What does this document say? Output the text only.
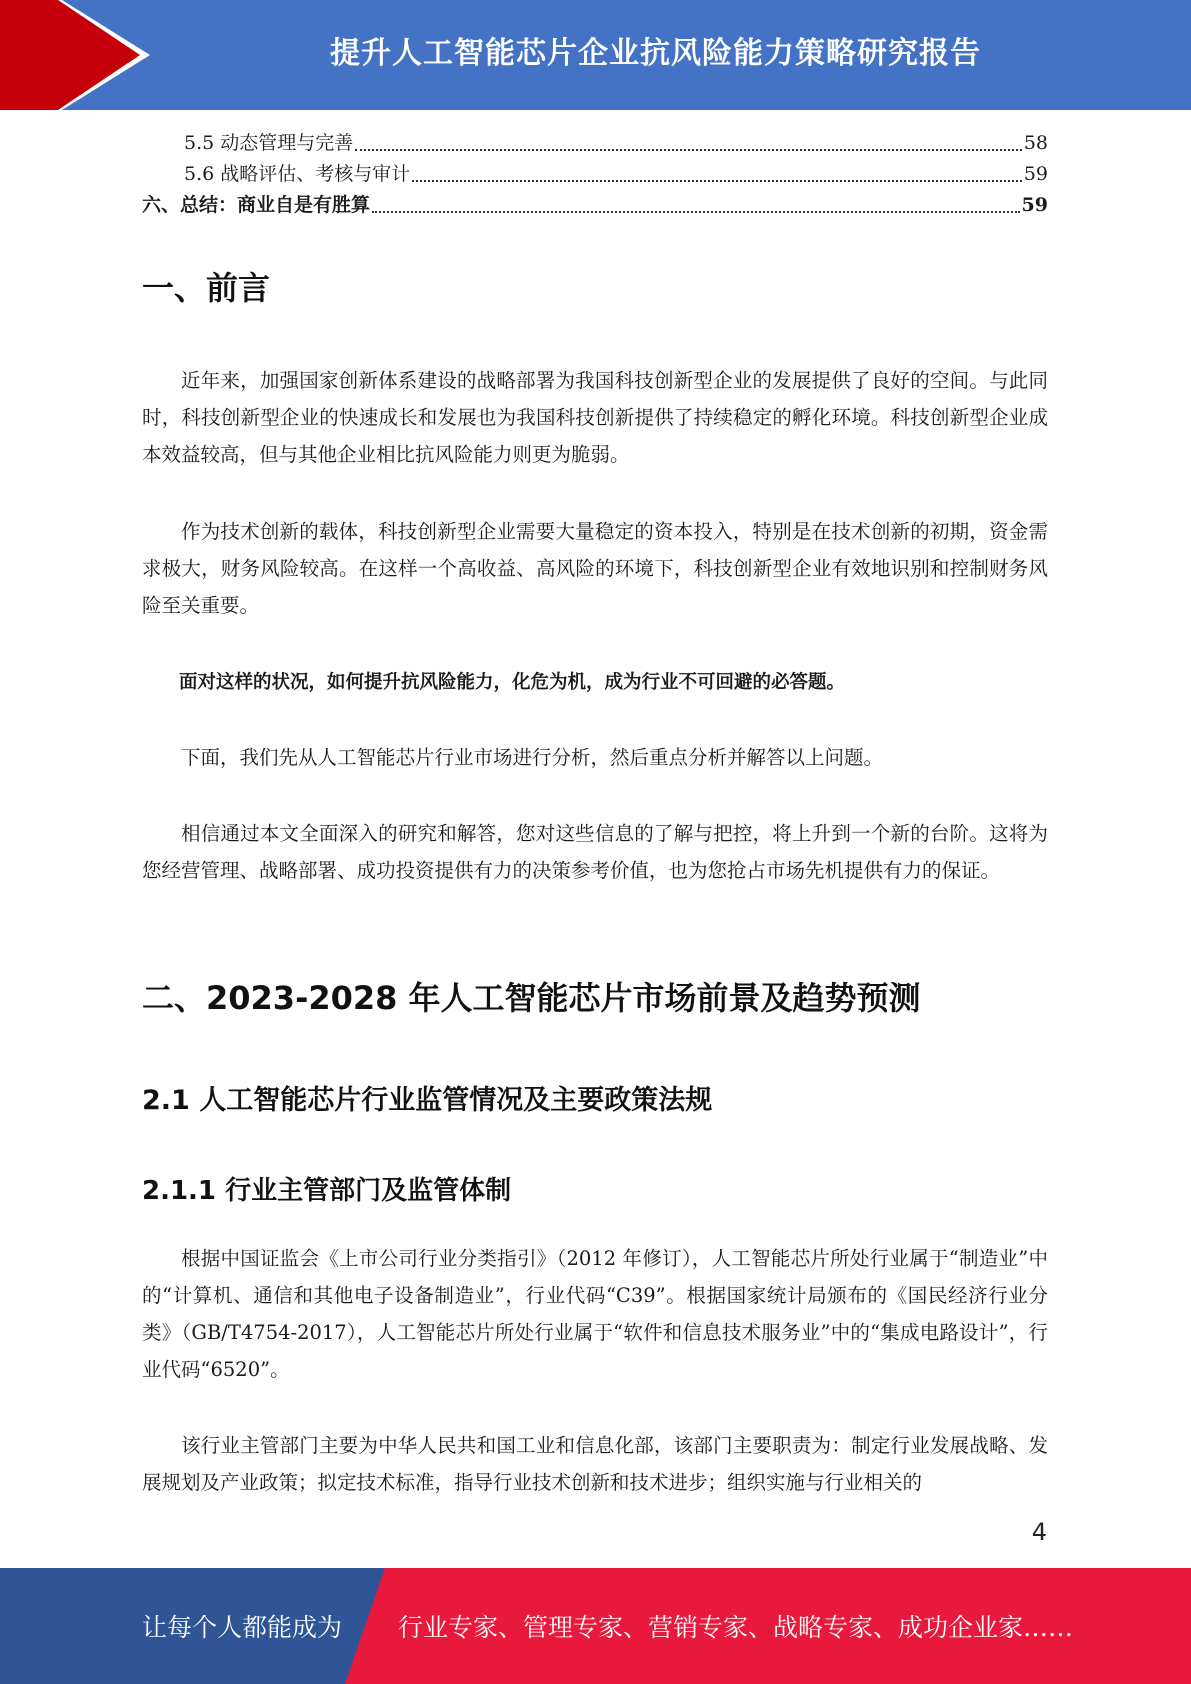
提升人工智能芯片企业抗风险能力策略研究报告
5.5 动态管理与完善	58
5.6 战略评估、考核与审计	59
六、总结：商业自是有胜算	59
一、前言

近年来，加强国家创新体系建设的战略部署为我国科技创新型企业的发展提供了良好的空间。与此同时，科技创新型企业的快速成长和发展也为我国科技创新提供了持续稳定的孵化环境。科技创新型企业成本效益较高，但与其他企业相比抗风险能力则更为脆弱。

作为技术创新的载体，科技创新型企业需要大量稳定的资本投入，特别是在技术创新的初期，资金需求极大，财务风险较高。在这样一个高收益、高风险的环境下，科技创新型企业有效地识别和控制财务风险至关重要。

面对这样的状况，如何提升抗风险能力，化危为机，成为行业不可回避的必答题。

下面，我们先从人工智能芯片行业市场进行分析，然后重点分析并解答以上问题。

相信通过本文全面深入的研究和解答，您对这些信息的了解与把控，将上升到一个新的台阶。这将为您经营管理、战略部署、成功投资提供有力的决策参考价值，也为您抢占市场先机提供有力的保证。

二、2023-2028 年人工智能芯片市场前景及趋势预测
2.1 人工智能芯片行业监管情况及主要政策法规
2.1.1 行业主管部门及监管体制

根据中国证监会《上市公司行业分类指引》（2012 年修订），人工智能芯片所处行业属于“制造业”中的“计算机、通信和其他电子设备制造业”，行业代码“C39”。根据国家统计局颁布的《国民经济行业分类》（GB/T4754-2017），人工智能芯片所处行业属于“软件和信息技术服务业”中的“集成电路设计”，行业代码“6520”。

该行业主管部门主要为中华人民共和国工业和信息化部，该部门主要职责为：制定行业发展战略、发展规划及产业政策；拟定技术标准，指导行业技术创新和技术进步；组织实施与行业相关的

4
让每个人都能成为 行业专家、管理专家、营销专家、战略专家、成功企业家……
